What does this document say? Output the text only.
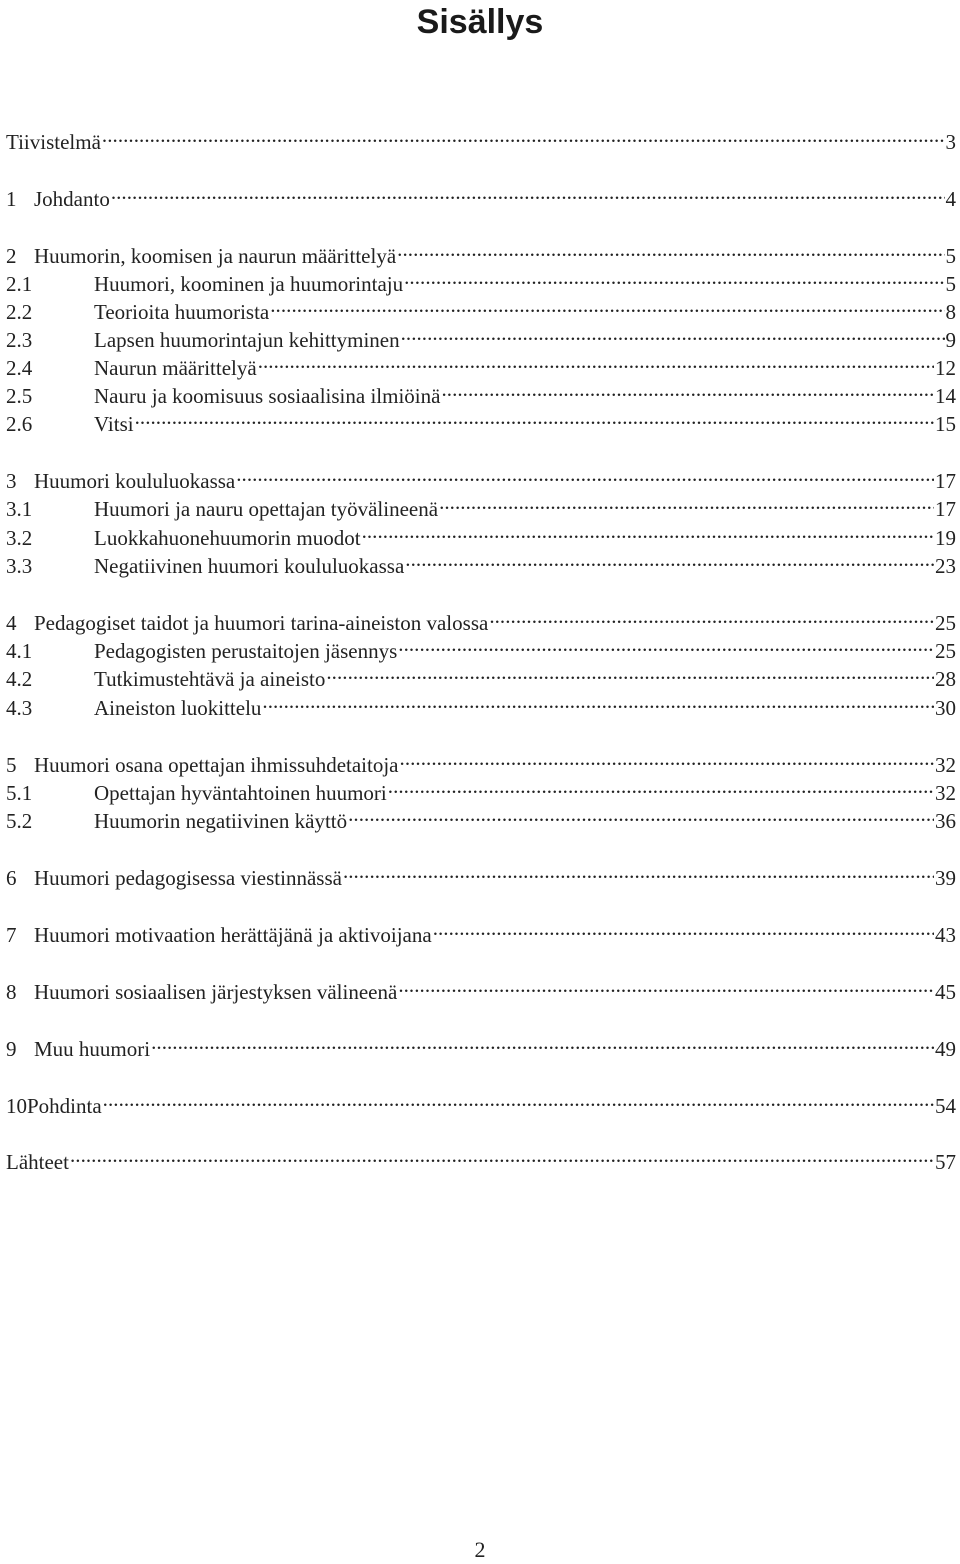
Sisällys
Tiivistelmä . . .	3
1 Johdanto . . .	4
2 Huumorin, koomisen ja naurun määrittelyä . . .	5
2.1	Huumori, koominen ja huumorintaju . . .	5
2.2	Teorioita huumorista . . .	8
2.3	Lapsen huumorintajun kehittyminen . . .	9
2.4	Naurun määrittelyä . . .	12
2.5	Nauru ja koomisuus sosiaalisina ilmiöinä . . .	14
2.6	Vitsi . . .	15
3 Huumori koululuokassa . . .	17
3.1	Huumori ja nauru opettajan työvälineenä . . .	17
3.2	Luokkahuonehuumorin muodot . . .	19
3.3	Negatiivinen huumori koululuokassa . . .	23
4 Pedagogiset taidot ja huumori tarina-aineiston valossa . . .	25
4.1	Pedagogisten perustaitojen jäsennys . . .	25
4.2	Tutkimustehtävä ja aineisto . . .	28
4.3	Aineiston luokittelu . . .	30
5 Huumori osana opettajan ihmissuhdetaitoja . . .	32
5.1	Opettajan hyväntahtoinen huumori . . .	32
5.2	Huumorin negatiivinen käyttö . . .	36
6 Huumori pedagogisessa viestinnässä . . .	39
7 Huumori motivaation herättäjänä ja aktivoijana . . .	43
8 Huumori sosiaalisen järjestyksen välineenä . . .	45
9 Muu huumori . . .	49
10 Pohdinta . . .	54
Lähteet . . .	57
2
